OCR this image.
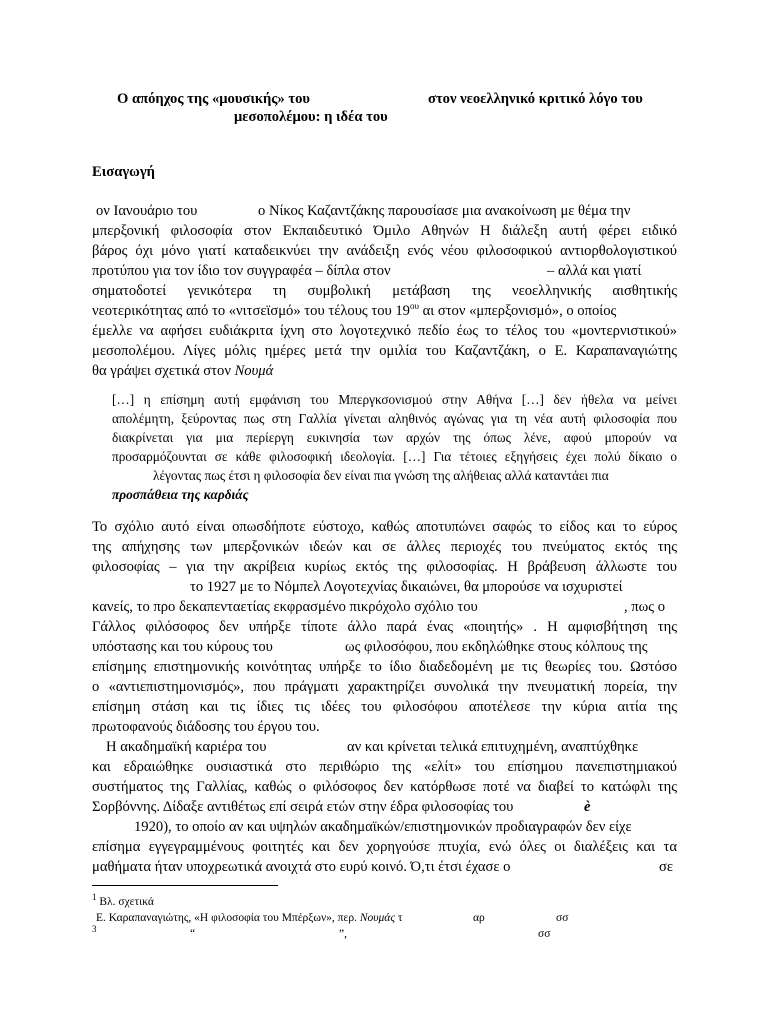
Ο απόηχος της «μουσικής» του	στον νεοελληνικό κριτικό λόγο του
μεσοπολέμου: η ιδέα του
Εισαγωγή
ον Ιανουάριο του	ο Νίκος Καζαντζάκης παρουσίασε μια ανακοίνωση με θέμα την
μπερξονική φιλοσοφία στον Εκπαιδευτικό Όμιλο Αθηνών Η διάλεξη αυτή φέρει ειδικό
βάρος όχι μόνο γιατί καταδεικνύει την ανάδειξη ενός νέου φιλοσοφικού αντιορθολογιστικού
προτύπου για τον ίδιο τον συγγραφέα – δίπλα στον	– αλλά και γιατί
σηματοδοτεί γενικότερα τη συμβολική μετάβαση της νεοελληνικής αισθητικής
νεοτερικότητας από το «νιτσεϊσμό» του τέλους του $19^{o\upsilon}$ αι στον «μπερξονισμό», ο οποίος
έμελλε να αφήσει ευδιάκριτα ίχνη στο λογοτεχνικό πεδίο έως το τέλος του «μοντερνιστικού»
μεσοπολέμου. Λίγες μόλις ημέρες μετά την ομιλία του Καζαντζάκη, ο Ε. Καραπαναγιώτης
θα γράψει σχετικά στον Νουμά
[…] η επίσημη αυτή εμφάνιση του Μπεργκσονισμού στην Αθήνα […] δεν ήθελα να μείνει
απολέμητη, ξεύροντας πως στη Γαλλία γίνεται αληθινός αγώνας για τη νέα αυτή φιλοσοφία που
διακρίνεται για μια περίεργη ευκινησία των αρχών της όπως λένε, αφού μπορούν να
προσαρμόζουνται σε κάθε φιλοσοφική ιδεολογία. […] Για τέτοιες εξηγήσεις έχει πολύ δίκαιο ο
λέγοντας πως έτσι η φιλοσοφία δεν είναι πια γνώση της αλήθειας αλλά καταντάει πια
προσπάθεια της καρδιάς
Το σχόλιο αυτό είναι οπωσδήποτε εύστοχο, καθώς αποτυπώνει σαφώς το είδος και το εύρος
της απήχησης των μπερξονικών ιδεών και σε άλλες περιοχές του πνεύματος εκτός της
φιλοσοφίας – για την ακρίβεια κυρίως εκτός της φιλοσοφίας. Η βράβευση άλλωστε του
το 1927 με το Νόμπελ Λογοτεχνίας δικαιώνει, θα μπορούσε να ισχυριστεί
κανείς, το προ δεκαπενταετίας εκφρασμένο πικρόχολο σχόλιο του	, πως ο
Γάλλος φιλόσοφος δεν υπήρξε τίποτε άλλο παρά ένας «ποιητής» . Η αμφισβήτηση της
υπόστασης και του κύρους του	ως φιλοσόφου, που εκδηλώθηκε στους κόλπους της
επίσημης επιστημονικής κοινότητας υπήρξε το ίδιο διαδεδομένη με τις θεωρίες του. Ωστόσο
ο «αντιεπιστημονισμός», που πράγματι χαρακτηρίζει συνολικά την πνευματική πορεία, την
επίσημη στάση και τις ίδιες τις ιδέες του φιλοσόφου αποτέλεσε την κύρια αιτία της
πρωτοφανούς διάδοσης του έργου του.
Η ακαδημαϊκή καριέρα του	αν και κρίνεται τελικά επιτυχημένη, αναπτύχθηκε
και εδραιώθηκε ουσιαστικά στο περιθώριο της «ελίτ» του επίσημου πανεπιστημιακού
συστήματος της Γαλλίας, καθώς ο φιλόσοφος δεν κατόρθωσε ποτέ να διαβεί το κατώφλι της
Σορβόννης. Δίδαξε αντιθέτως επί σειρά ετών στην έδρα φιλοσοφίας του	è
1920), το οποίο αν και υψηλών ακαδημαϊκών/επιστημονικών προδιαγραφών δεν είχε
επίσημα εγγεγραμμένους φοιτητές και δεν χορηγούσε πτυχία, ενώ όλες οι διαλέξεις και τα
μαθήματα ήταν υποχρεωτικά ανοιχτά στο ευρύ κοινό. Ό,τι έτσι έχασε ο	σε
$^1$ Βλ. σχετικά
Ε. Καραπαναγιώτης, «Η φιλοσοφία του Μπέρξων», περ. Νουμάς τ	αρ	σσ
$^3$	“	”,	σσ
